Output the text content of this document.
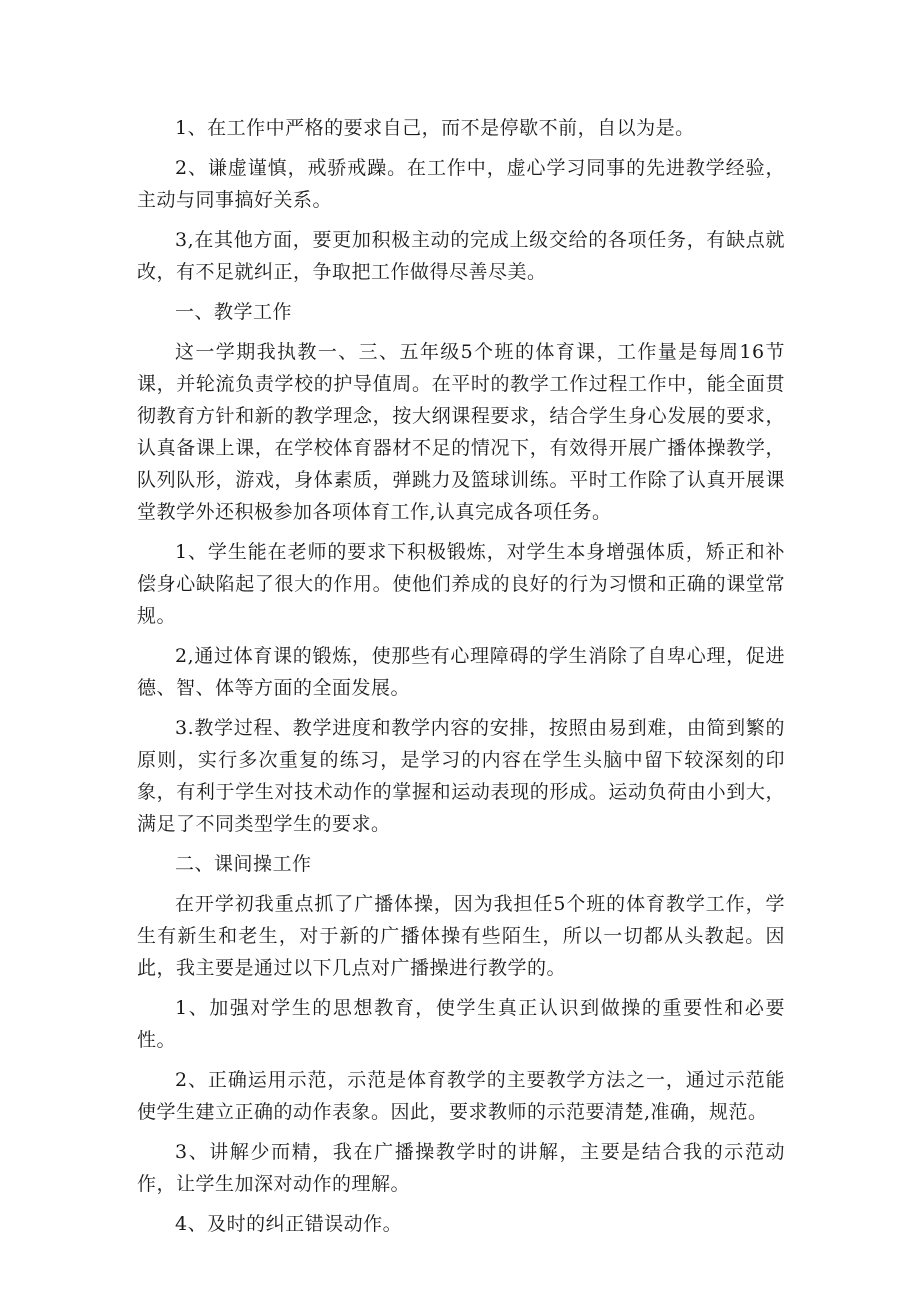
1、在工作中严格的要求自己，而不是停歇不前，自以为是。

2、谦虚谨慎，戒骄戒躁。在工作中，虚心学习同事的先进教学经验，主动与同事搞好关系。

3,在其他方面，要更加积极主动的完成上级交给的各项任务，有缺点就改，有不足就纠正，争取把工作做得尽善尽美。

一、教学工作

这一学期我执教一、三、五年级5个班的体育课，工作量是每周16节课，并轮流负责学校的护导值周。在平时的教学工作过程工作中，能全面贯彻教育方针和新的教学理念，按大纲课程要求，结合学生身心发展的要求，认真备课上课，在学校体育器材不足的情况下，有效得开展广播体操教学，队列队形，游戏，身体素质，弹跳力及篮球训练。平时工作除了认真开展课堂教学外还积极参加各项体育工作,认真完成各项任务。

1、学生能在老师的要求下积极锻炼，对学生本身增强体质，矫正和补偿身心缺陷起了很大的作用。使他们养成的良好的行为习惯和正确的课堂常规。

2,通过体育课的锻炼，使那些有心理障碍的学生消除了自卑心理，促进德、智、体等方面的全面发展。

3.教学过程、教学进度和教学内容的安排，按照由易到难，由简到繁的原则，实行多次重复的练习，是学习的内容在学生头脑中留下较深刻的印象，有利于学生对技术动作的掌握和运动表现的形成。运动负荷由小到大，满足了不同类型学生的要求。

二、课间操工作

在开学初我重点抓了广播体操，因为我担任5个班的体育教学工作，学生有新生和老生，对于新的广播体操有些陌生，所以一切都从头教起。因此，我主要是通过以下几点对广播操进行教学的。

1、加强对学生的思想教育，使学生真正认识到做操的重要性和必要性。

2、正确运用示范，示范是体育教学的主要教学方法之一，通过示范能使学生建立正确的动作表象。因此，要求教师的示范要清楚,准确，规范。

3、讲解少而精，我在广播操教学时的讲解，主要是结合我的示范动作，让学生加深对动作的理解。

4、及时的纠正错误动作。
